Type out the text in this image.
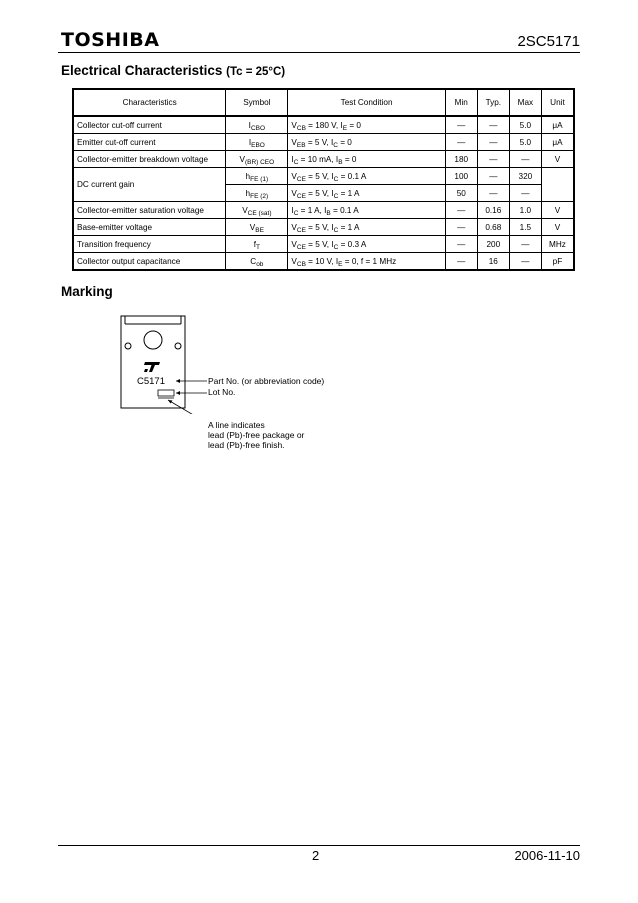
TOSHIBA	2SC5171
Electrical Characteristics (Tc = 25°C)
Characteristics	Symbol	Test Condition	Min	Typ.	Max	Unit
Collector cut-off current	$I_{CBO}$	$V_{CB} = 180$ V, $I_E = 0$	—	—	5.0	μA
Emitter cut-off current	$I_{EBO}$	$V_{EB} = 5$ V, $I_C = 0$	—	—	5.0	μA
Collector-emitter breakdown voltage	$V_{(BR) CEO}$	$I_C = 10$ mA, $I_B = 0$	180	—	—	V
DC current gain	$h_{FE (1)}$	$V_{CE} = 5$ V, $I_C = 0.1$ A	100	—	320	
	$h_{FE (2)}$	$V_{CE} = 5$ V, $I_C = 1$ A	50	—	—	
Collector-emitter saturation voltage	$V_{CE (sat)}$	$I_C = 1$ A, $I_B = 0.1$ A	—	0.16	1.0	V
Base-emitter voltage	$V_{BE}$	$V_{CE} = 5$ V, $I_C = 1$ A	—	0.68	1.5	V
Transition frequency	$f_T$	$V_{CE} = 5$ V, $I_C = 0.3$ A	—	200	—	MHz
Collector output capacitance	$C_{ob}$	$V_{CB} = 10$ V, $I_E = 0$, f = 1 MHz	—	16	—	pF
Marking
C5171	Part No. (or abbreviation code)
Lot No.
A line indicates
lead (Pb)-free package or
lead (Pb)-free finish.
2	2006-11-10
